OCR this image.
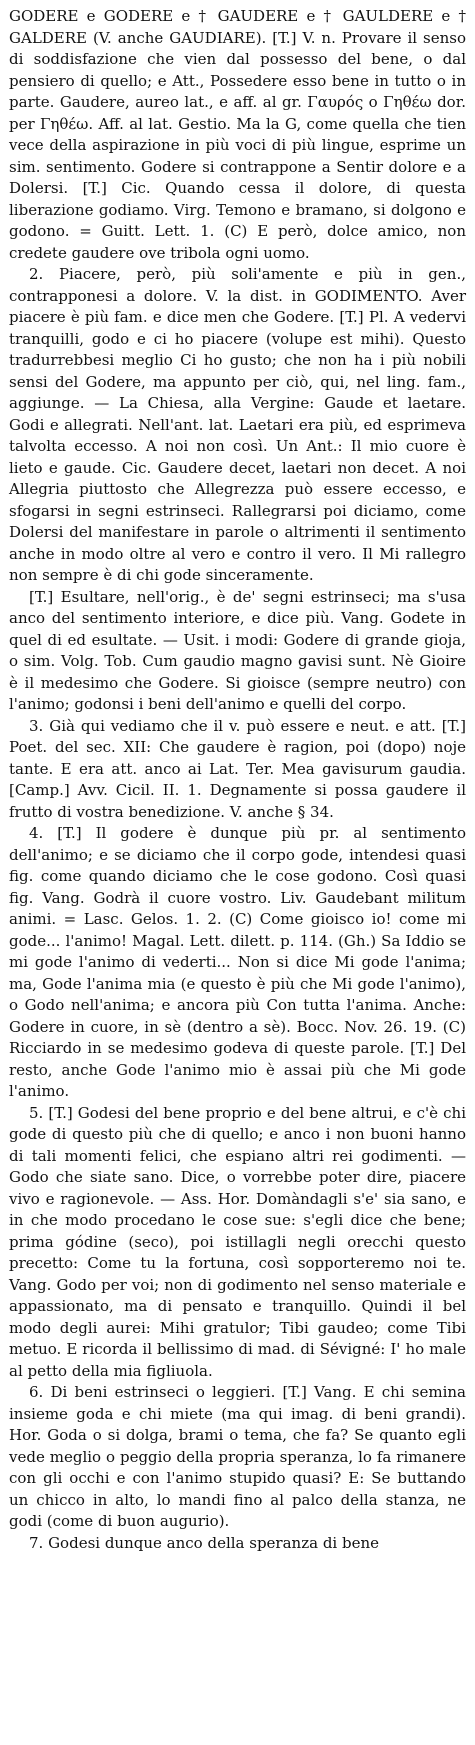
GODERE e GODERE e † GAUDERE e † GAULDERE e † GALDERE (V. anche GAUDIARE). [T.] V. n. Provare il senso di soddisfazione che vien dal possesso del bene, o dal pensiero di quello; e Att., Possedere esso bene in tutto o in parte. Gaudere, aureo lat., e aff. al gr. Γαυρός o Γηθέω dor. per Γηθέω. Aff. al lat. Gestio. Ma la G, come quella che tien vece della aspirazione in più voci di più lingue, esprime un sim. sentimento. Godere si contrappone a Sentir dolore e a Dolersi. [T.] Cic. Quando cessa il dolore, di questa liberazione godiamo. Virg. Temono e bramano, si dolgono e godono. = Guitt. Lett. 1. (C) E però, dolce amico, non credete gaudere ove tribola ogni uomo.

2. Piacere, però, più soli'amente e più in gen., contrapponesi a dolore. V. la dist. in GODIMENTO. Aver piacere è più fam. e dice men che Godere. [T.] Pl. A vedervi tranquilli, godo e ci ho piacere (volupe est mihi). Questo tradurrebbesi meglio Ci ho gusto; che non ha i più nobili sensi del Godere, ma appunto per ciò, qui, nel ling. fam., aggiunge. — La Chiesa, alla Vergine: Gaude et laetare. Godi e allegrati. Nell'ant. lat. Laetari era più, ed esprimeva talvolta eccesso. A noi non così. Un Ant.: Il mio cuore è lieto e gaude. Cic. Gaudere decet, laetari non decet. A noi Allegria piuttosto che Allegrezza può essere eccesso, e sfogarsi in segni estrinseci. Rallegrarsi poi diciamo, come Dolersi del manifestare in parole o altrimenti il sentimento anche in modo oltre al vero e contro il vero. Il Mi rallegro non sempre è di chi gode sinceramente.

[T.] Esultare, nell'orig., è de' segni estrinseci; ma s'usa anco del sentimento interiore, e dice più. Vang. Godete in quel di ed esultate. — Usit. i modi: Godere di grande gioja, o sim. Volg. Tob. Cum gaudio magno gavisi sunt. Nè Gioire è il medesimo che Godere. Si gioisce (sempre neutro) con l'animo; godonsi i beni dell'animo e quelli del corpo.

3. Già qui vediamo che il v. può essere e neut. e att. [T.] Poet. del sec. XII: Che gaudere è ragion, poi (dopo) noje tante. E era att. anco ai Lat. Ter. Mea gavisurum gaudia. [Camp.] Avv. Cicil. II. 1. Degnamente si possa gaudere il frutto di vostra benedizione. V. anche § 34.

4. [T.] Il godere è dunque più pr. al sentimento dell'animo; e se diciamo che il corpo gode, intendesi quasi fig. come quando diciamo che le cose godono. Così quasi fig. Vang. Godrà il cuore vostro. Liv. Gaudebant militum animi. = Lasc. Gelos. 1. 2. (C) Come gioisco io! come mi gode... l'animo! Magal. Lett. dilett. p. 114. (Gh.) Sa Iddio se mi gode l'animo di vederti... Non si dice Mi gode l'anima; ma, Gode l'anima mia (e questo è più che Mi gode l'animo), o Godo nell'anima; e ancora più Con tutta l'anima. Anche: Godere in cuore, in sè (dentro a sè). Bocc. Nov. 26. 19. (C) Ricciardo in se medesimo godeva di queste parole. [T.] Del resto, anche Gode l'animo mio è assai più che Mi gode l'animo.

5. [T.] Godesi del bene proprio e del bene altrui, e c'è chi gode di questo più che di quello; e anco i non buoni hanno di tali momenti felici, che espiano altri rei godimenti. — Godo che siate sano. Dice, o vorrebbe poter dire, piacere vivo e ragionevole. — Ass. Hor. Domàndagli s'e' sia sano, e in che modo procedano le cose sue: s'egli dice che bene; prima gódine (seco), poi istillagli negli orecchi questo precetto: Come tu la fortuna, così sopporteremo noi te. Vang. Godo per voi; non di godimento nel senso materiale e appassionato, ma di pensato e tranquillo. Quindi il bel modo degli aurei: Mihi gratulor; Tibi gaudeo; come Tibi metuo. E ricorda il bellissimo di mad. di Sévigné: I' ho male al petto della mia figliuola.

6. Di beni estrinseci o leggieri. [T.] Vang. E chi semina insieme goda e chi miete (ma qui imag. di beni grandi). Hor. Goda o si dolga, brami o tema, che fa? Se quanto egli vede meglio o peggio della propria speranza, lo fa rimanere con gli occhi e con l'animo stupido quasi? E: Se buttando un chicco in alto, lo mandi fino al palco della stanza, ne godi (come di buon augurio).

7. Godesi dunque anco della speranza di bene
